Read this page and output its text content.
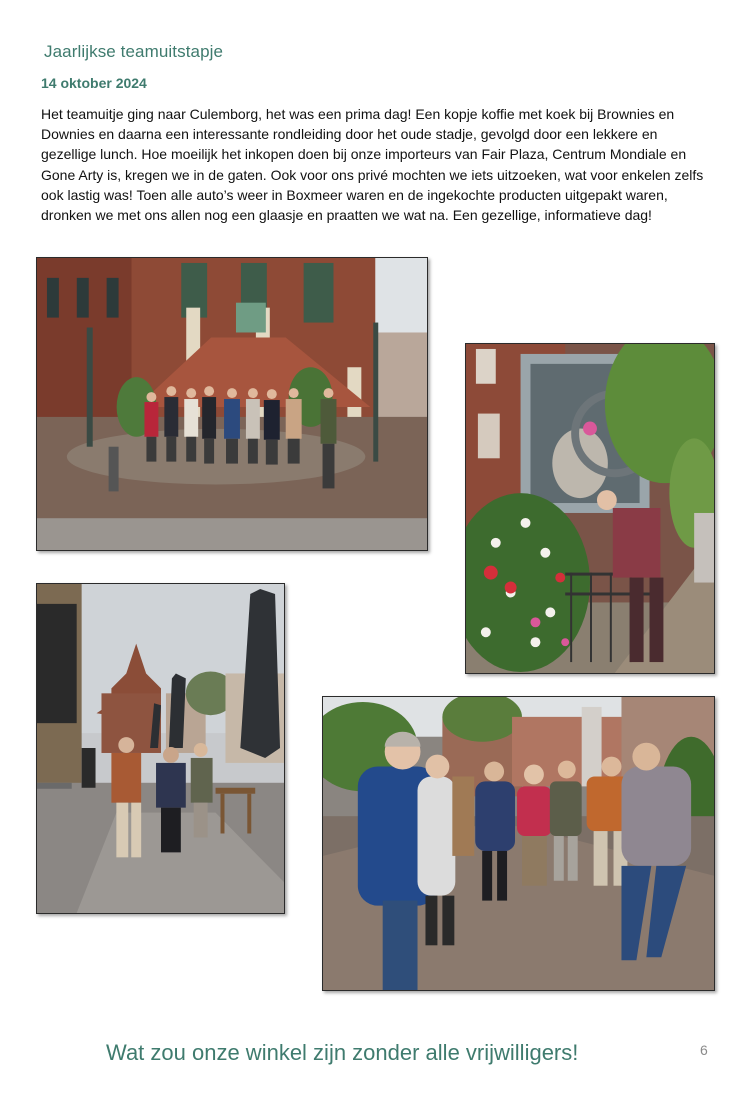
Jaarlijkse teamuitstapje
14 oktober 2024

Het teamuitje ging naar Culemborg, het was een prima dag! Een kopje koffie met koek bij Brownies en Downies en daarna een interessante rondleiding door het oude stadje, gevolgd door een lekkere en gezellige lunch. Hoe moeilijk het inkopen doen bij onze importeurs van Fair Plaza, Centrum Mondiale en Gone Arty is, kregen we in de gaten. Ook voor ons privé mochten we iets uitzoeken, wat voor enkelen zelfs ook lastig was! Toen alle auto’s weer in Boxmeer waren en de ingekochte producten uitgepakt waren, dronken we met ons allen nog een glaasje en praatten we wat na. Een gezellige, informatieve dag!

Wat zou onze winkel zijn zonder alle vrijwilligers!	6
